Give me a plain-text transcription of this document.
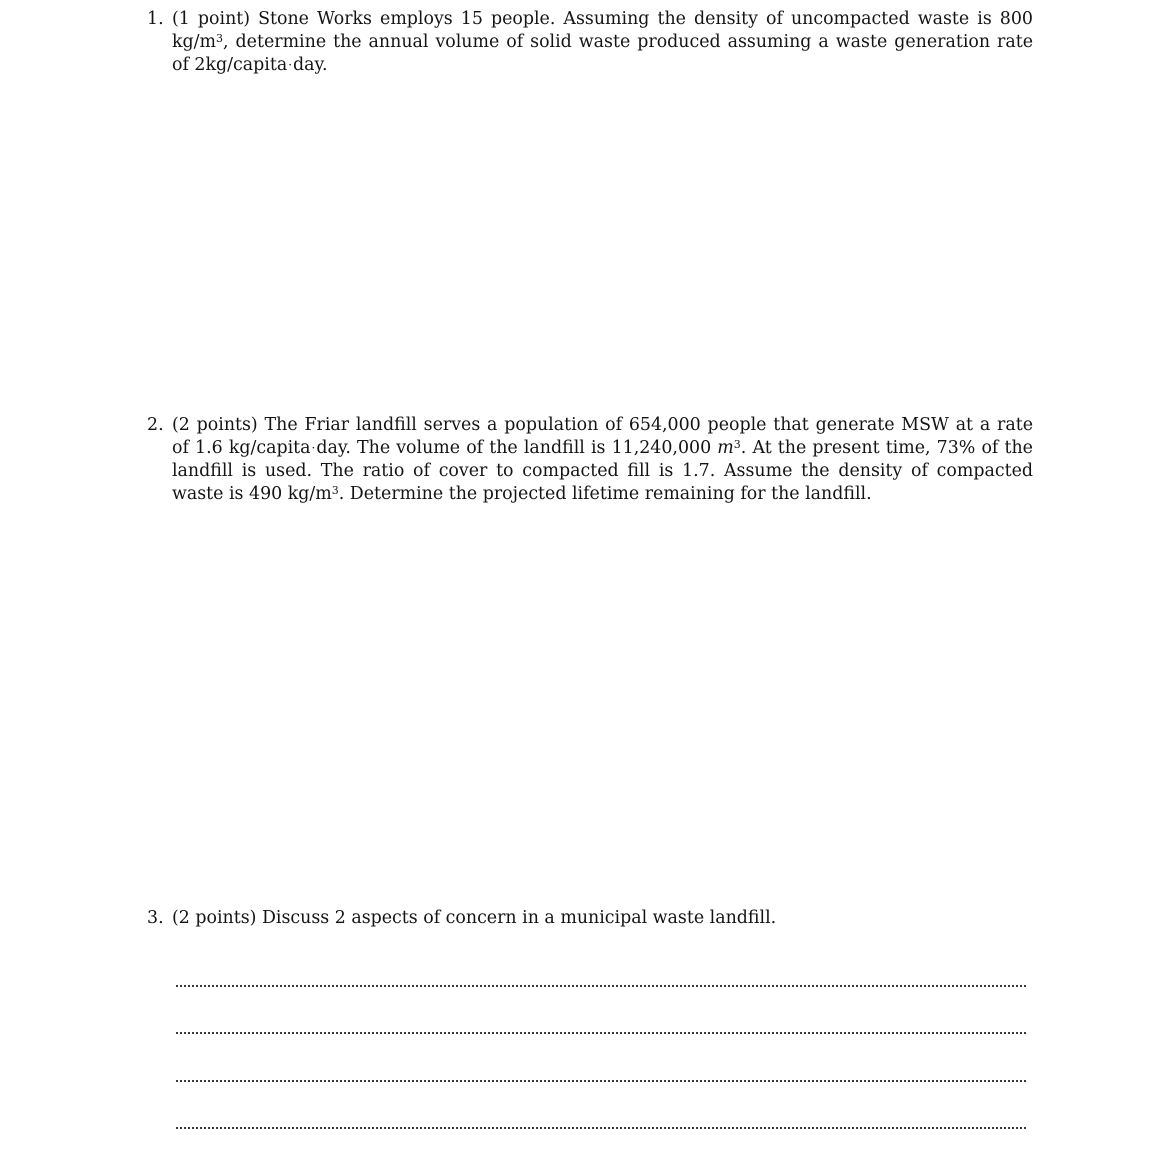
1. (1 point) Stone Works employs 15 people. Assuming the density of uncompacted waste is 800 $kg/m^3$, determine the annual volume of solid waste produced assuming a waste generation rate of 2kg/capita·day.
2. (2 points) The Friar landfill serves a population of 654,000 people that generate MSW at a rate of 1.6 kg/capita·day. The volume of the landfill is 11,240,000 $m^3$. At the present time, 73% of the landfill is used. The ratio of cover to compacted fill is 1.7. Assume the density of compacted waste is 490 $kg/m^3$. Determine the projected lifetime remaining for the landfill.
3. (2 points) Discuss 2 aspects of concern in a municipal waste landfill.
